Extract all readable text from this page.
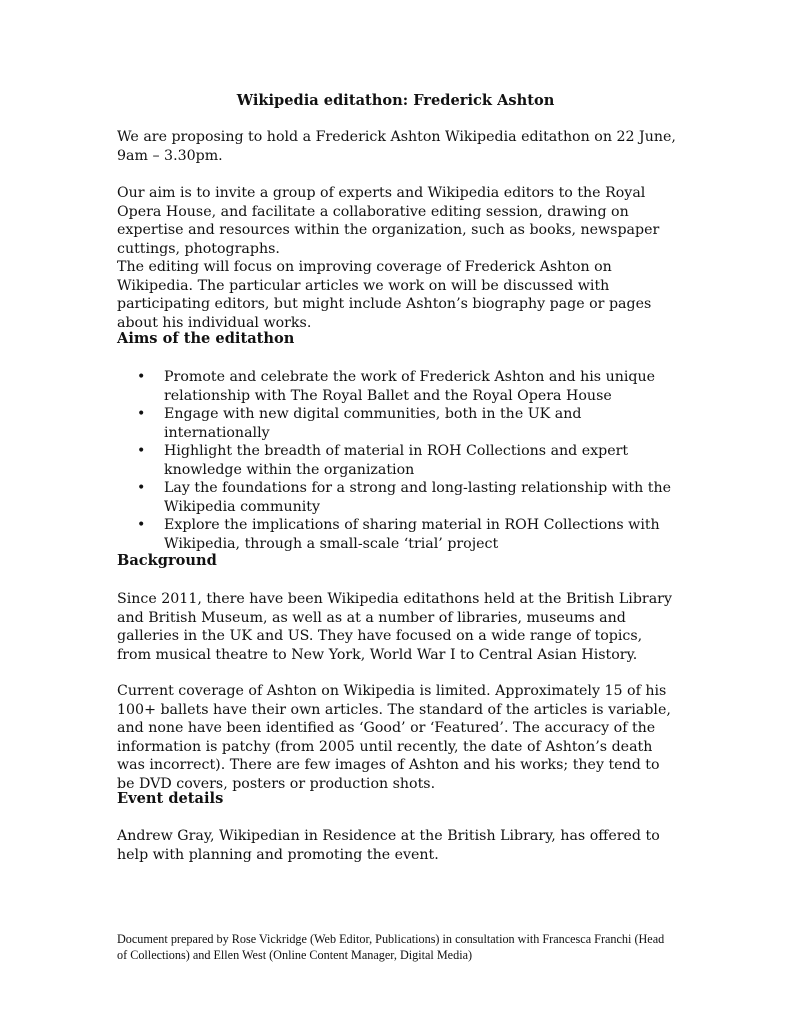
Wikipedia editathon: Frederick Ashton
We are proposing to hold a Frederick Ashton Wikipedia editathon on 22 June, 9am – 3.30pm.
Our aim is to invite a group of experts and Wikipedia editors to the Royal Opera House, and facilitate a collaborative editing session, drawing on expertise and resources within the organization, such as books, newspaper cuttings, photographs.
The editing will focus on improving coverage of Frederick Ashton on Wikipedia. The particular articles we work on will be discussed with participating editors, but might include Ashton’s biography page or pages about his individual works.
Aims of the editathon
• Promote and celebrate the work of Frederick Ashton and his unique relationship with The Royal Ballet and the Royal Opera House
• Engage with new digital communities, both in the UK and internationally
• Highlight the breadth of material in ROH Collections and expert knowledge within the organization
• Lay the foundations for a strong and long-lasting relationship with the Wikipedia community
• Explore the implications of sharing material in ROH Collections with Wikipedia, through a small-scale ‘trial’ project
Background
Since 2011, there have been Wikipedia editathons held at the British Library and British Museum, as well as at a number of libraries, museums and galleries in the UK and US. They have focused on a wide range of topics, from musical theatre to New York, World War I to Central Asian History.
Current coverage of Ashton on Wikipedia is limited. Approximately 15 of his 100+ ballets have their own articles. The standard of the articles is variable, and none have been identified as ‘Good’ or ‘Featured’. The accuracy of the information is patchy (from 2005 until recently, the date of Ashton’s death was incorrect). There are few images of Ashton and his works; they tend to be DVD covers, posters or production shots.
Event details
Andrew Gray, Wikipedian in Residence at the British Library, has offered to help with planning and promoting the event.
Document prepared by Rose Vickridge (Web Editor, Publications) in consultation with Francesca Franchi (Head of Collections) and Ellen West (Online Content Manager, Digital Media)
